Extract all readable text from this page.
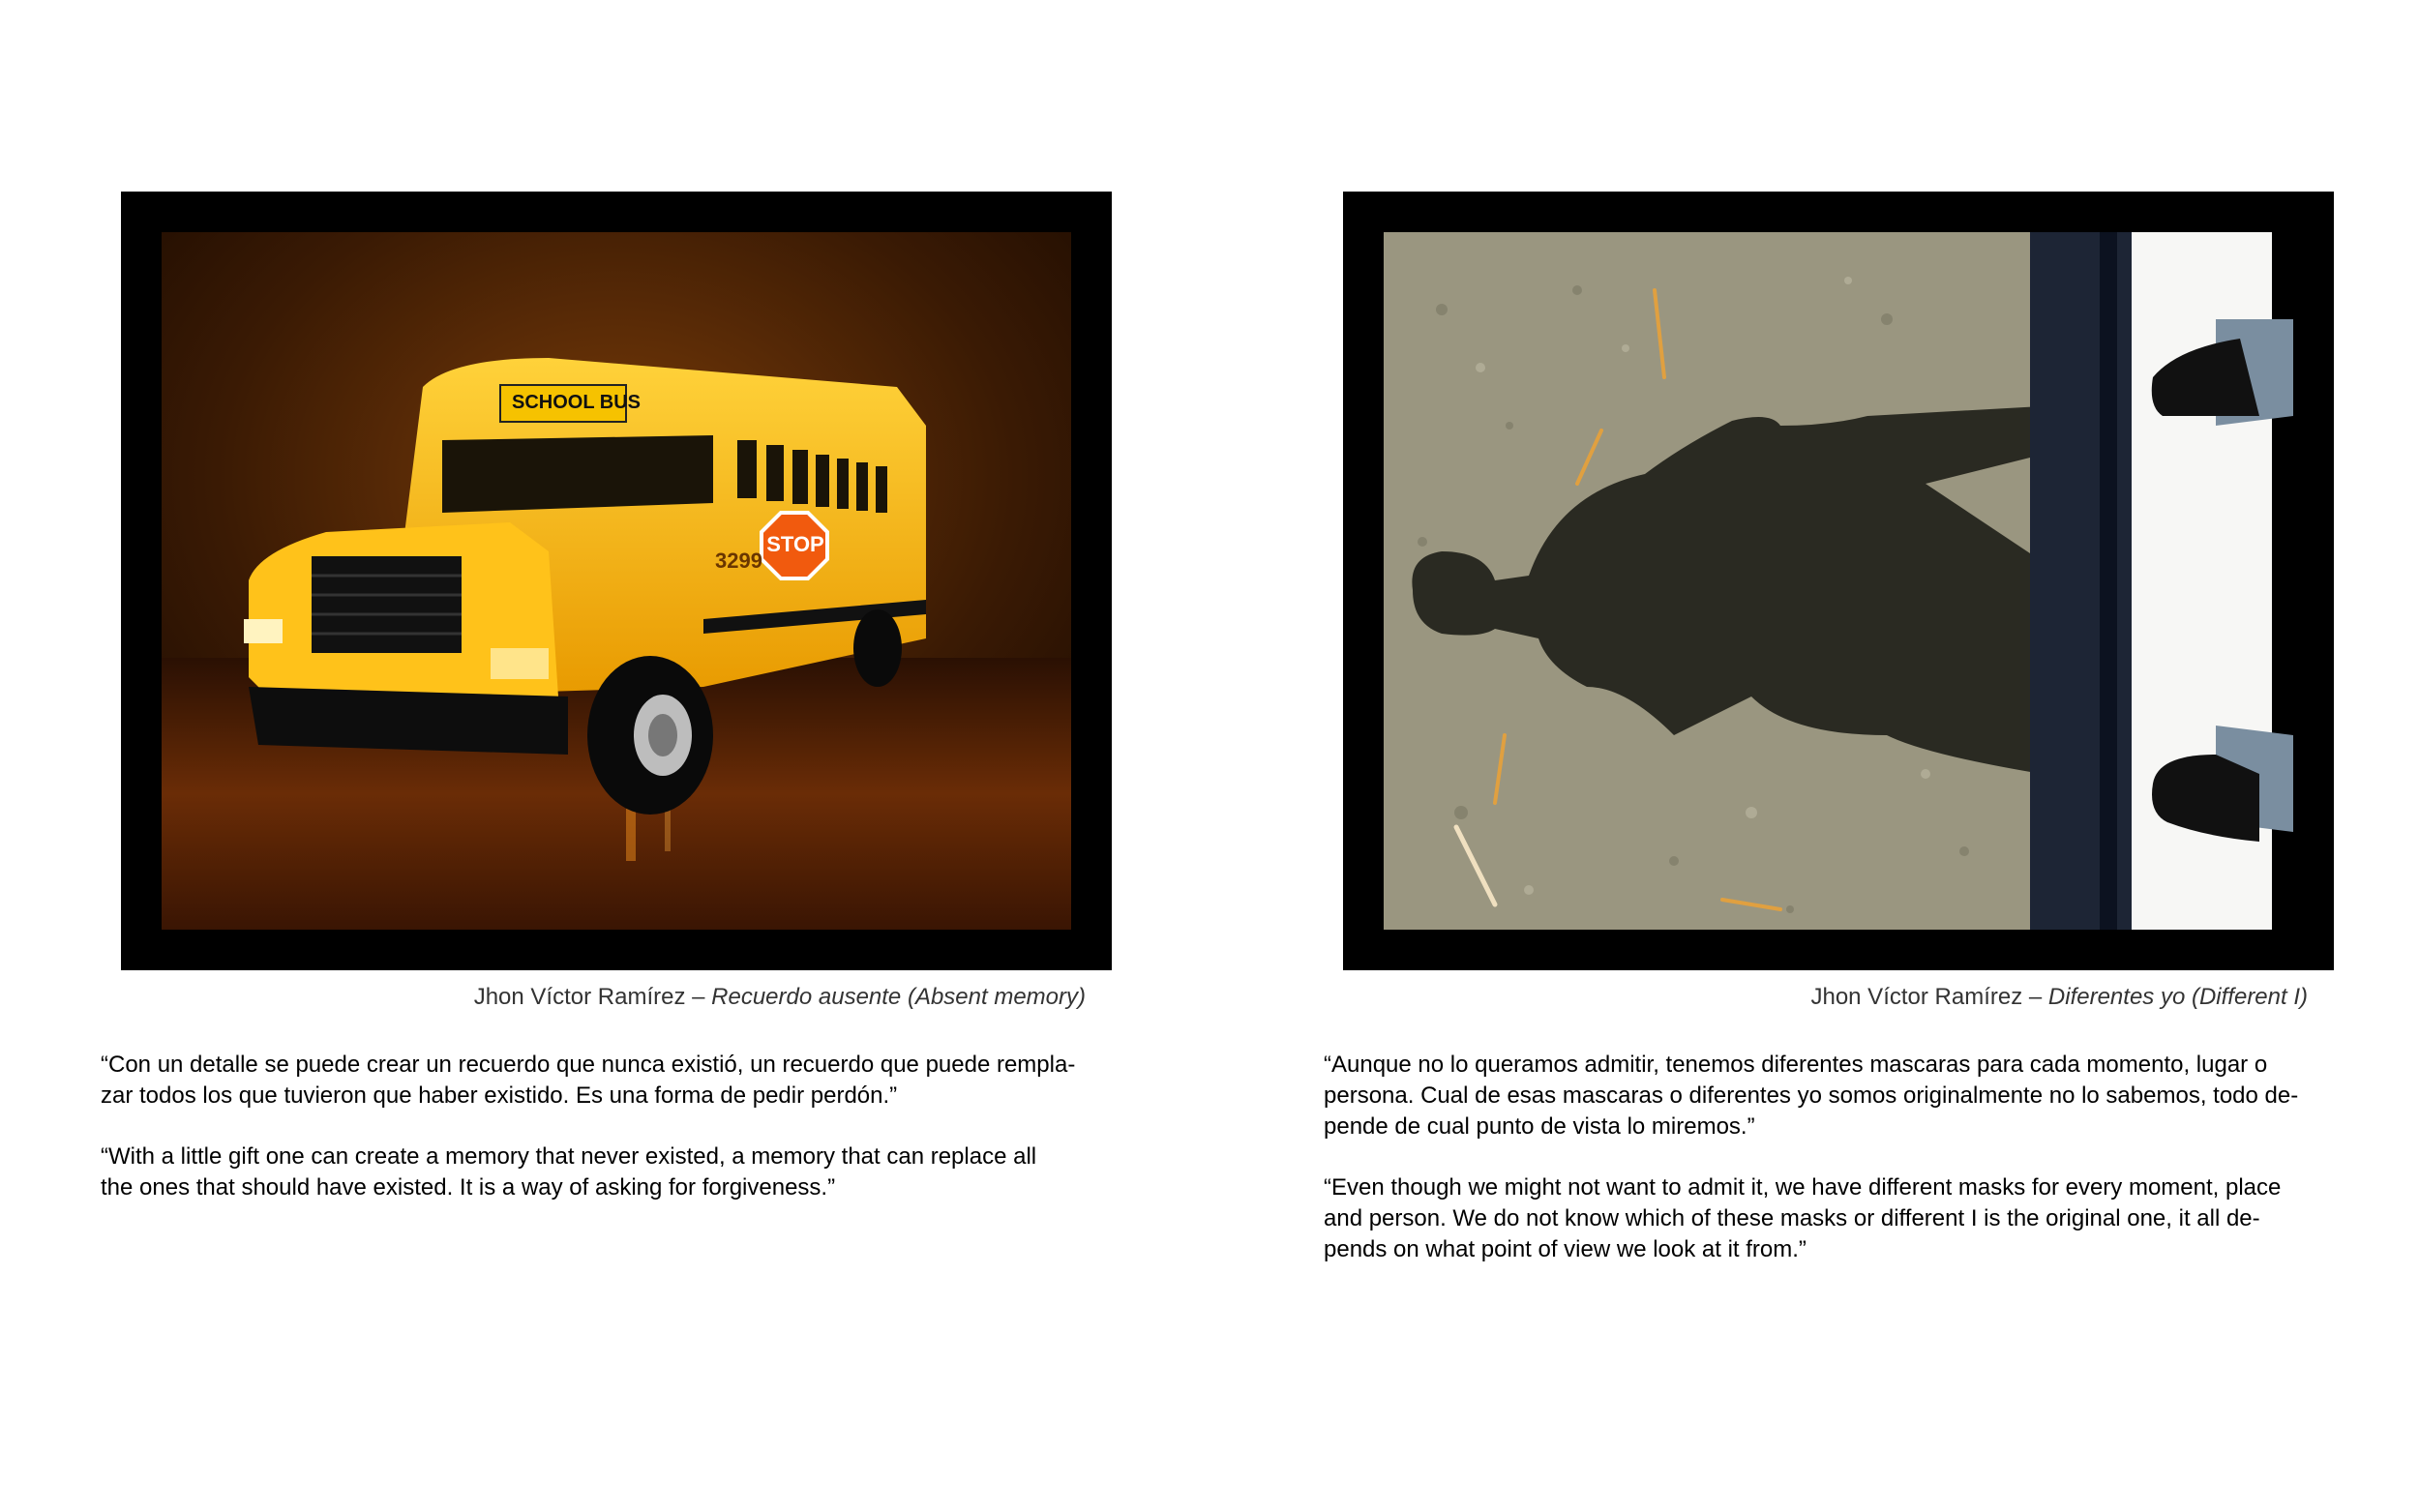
SCHOOL BUS
3299
STOP
Jhon Víctor Ramírez – Recuerdo ausente (Absent memory)	Jhon Víctor Ramírez – Diferentes yo (Different I)

“Con un detalle se puede crear un recuerdo que nunca existió, un recuerdo que puede rempla-
zar todos los que tuvieron que haber existido. Es una forma de pedir perdón.”

“With a little gift one can create a memory that never existed, a memory that can replace all
the ones that should have existed. It is a way of asking for forgiveness.”

“Aunque no lo queramos admitir, tenemos diferentes mascaras para cada momento, lugar o
persona. Cual de esas mascaras o diferentes yo somos originalmente no lo sabemos, todo de-
pende de cual punto de vista lo miremos.”

“Even though we might not want to admit it, we have different masks for every moment, place
and person. We do not know which of these masks or different I is the original one, it all de-
pends on what point of view we look at it from.”
